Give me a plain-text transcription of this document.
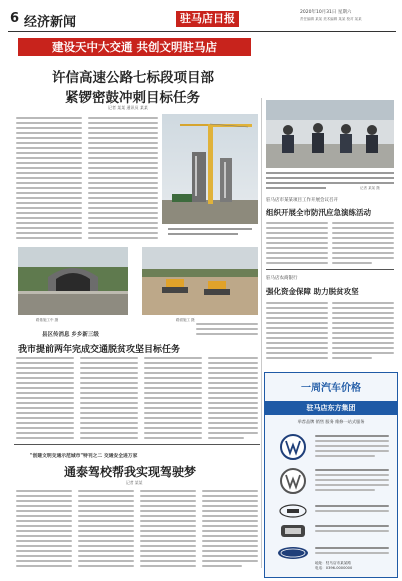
6 经济新闻	驻马店日报	2020年10月31日 星期六
责任编辑 某某 美术编辑 某某 校对 某某
建设天中大交通 共创文明驻马店
许信高速公路七标段项目部
紧锣密鼓冲刺目标任务
记者 某某 通讯员 某某
记者 某某 摄
驻马店市某某项目工作开展会议召开
组织开展全市防汛应急演练活动
路基施工中 摄	路面施工 摄
驻马店农商银行
强化资金保障 助力脱贫攻坚
县区传消息 乡乡新三级
我市提前两年完成交通脱贫攻坚目标任务
"创建文明交通示范城市"特刊之二 交通安全进万家
通泰驾校帮我实现驾驶梦
记者 某某
一周汽车价格
驻马店东方集团
举荐品牌 销售 服务 维修一站式服务
地址：驻马店市某某路
电话：0396-0000000
